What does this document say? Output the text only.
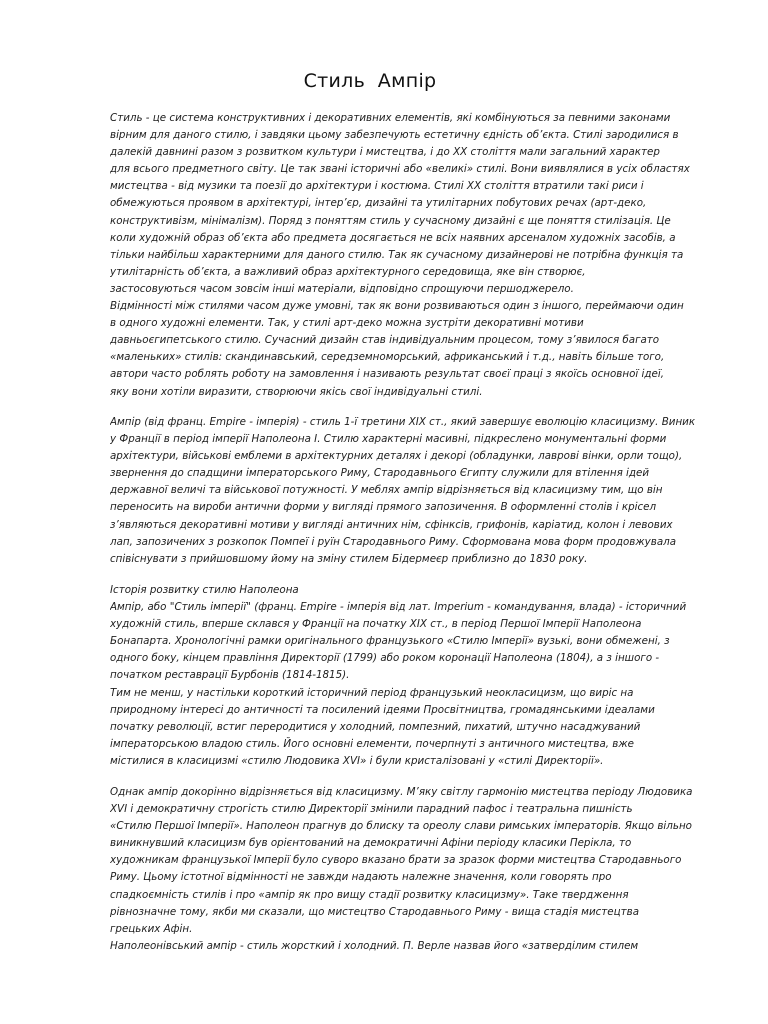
Стиль  Ампір
Стиль - це система конструктивних і декоративних елементів, які комбінуються за певними законами
вірним для даного стилю, і завдяки цьому забезпечують естетичну єдність об’єкта. Стилі зародилися в
далекій давнині разом з розвитком культури і мистецтва, і до XX століття мали загальний характер
для всього предметного світу. Це так звані історичні або «великі» стилі. Вони виявлялися в усіх областях
мистецтва - від музики та поезії до архітектури і костюма. Стилі XX століття втратили такі риси і
обмежуються проявом в архітектурі, інтер’єр, дизайні та утилітарних побутових речах (арт-деко,
конструктивізм, мінімалізм). Поряд з поняттям стиль у сучасному дизайні є ще поняття стилізація. Це
коли художній образ об’єкта або предмета досягається не всіх наявних арсеналом художніх засобів, а
тільки найбільш характерними для даного стилю. Так як сучасному дизайнерові не потрібна функція та
утилітарність об’єкта, а важливий образ архітектурного середовища, яке він створює,
застосовуються часом зовсім інші матеріали, відповідно спрощуючи першоджерело.
Відмінності між стилями часом дуже умовні, так як вони розвиваються один з іншого, переймаючи один
в одного художні елементи. Так, у стилі арт-деко можна зустріти декоративні мотиви
давньоєгипетського стилю. Сучасний дизайн став індивідуальним процесом, тому з’явилося багато
«маленьких» стилів: скандинавський, середземноморський, африканський і т.д., навіть більше того,
автори часто роблять роботу на замовлення і називають результат своєї праці з якоїсь основної ідеї,
яку вони хотіли виразити, створюючи якісь свої індивідуальні стилі.
Ампір (від франц. Empire - імперія) - стиль 1-ї третини XIX ст., який завершує еволюцію класицизму. Виник
у Франції в період імперії Наполеона I. Стилю характерні масивні, підкреслено монументальні форми
архітектури, військові емблеми в архітектурних деталях і декорі (обладунки, лаврові вінки, орли тощо),
звернення до спадщини імператорського Риму, Стародавнього Єгипту служили для втілення ідей
державної величі та військової потужності. У меблях ампір відрізняється від класицизму тим, що він
переносить на вироби антични форми у вигляді прямого запозичення. В оформленні столів і крісел
з’являються декоративні мотиви у вигляді античних нім, сфінксів, грифонів, каріатид, колон і левових
лап, запозичених з розкопок Помпеї і руїн Стародавнього Риму. Сформована мова форм продовжувала
співіснувати з прийшовшому йому на зміну стилем Бідермеєр приблизно до 1830 року.
Історія розвитку стилю Наполеона
Ампір, або "Стиль імперії" (франц. Empire - імперія від лат. Imperium - командування, влада) - історичний
художній стиль, вперше склався у Франції на початку XIX ст., в період Першої Імперії Наполеона
Бонапарта. Хронологічні рамки оригінального французького «Стилю Імперії» вузькі, вони обмежені, з
одного боку, кінцем правління Директорії (1799) або роком коронації Наполеона (1804), а з іншого -
початком реставрації Бурбонів (1814-1815).
Тим не менш, у настільки короткий історичний період французький неокласицизм, що виріс на
природному інтересі до античності та посилений ідеями Просвітництва, громадянськими ідеалами
початку революції, встиг переродитися у холодний, помпезний, пихатий, штучно насаджуваний
імператорською владою стиль. Його основні елементи, почерпнуті з античного мистецтва, вже
містилися в класицизмі «стилю Людовика XVI» і були кристалізовані у «стилі Директорії».
Однак ампір докорінно відрізняється від класицизму. М’яку світлу гармонію мистецтва періоду Людовика
XVI і демократичну строгість стилю Директорії змінили парадний пафос і театральна пишність
«Стилю Першої Імперії». Наполеон прагнув до блиску та ореолу слави римських імператорів. Якщо вільно
виникнувший класицизм був орієнтований на демократичні Афіни періоду класики Перікла, то
художникам французької Імперії було суворо вказано брати за зразок форми мистецтва Стародавнього
Риму. Цьому істотної відмінності не завжди надають належне значення, коли говорять про
спадкоємність стилів і про «ампір як про вищу стадії розвитку класицизму». Таке твердження
рівнозначне тому, якби ми сказали, що мистецтво Стародавнього Риму - вища стадія мистецтва
грецьких Афін.
Наполеонівський ампір - стиль жорсткий і холодний. П. Верле назвав його «затверділим стилем
